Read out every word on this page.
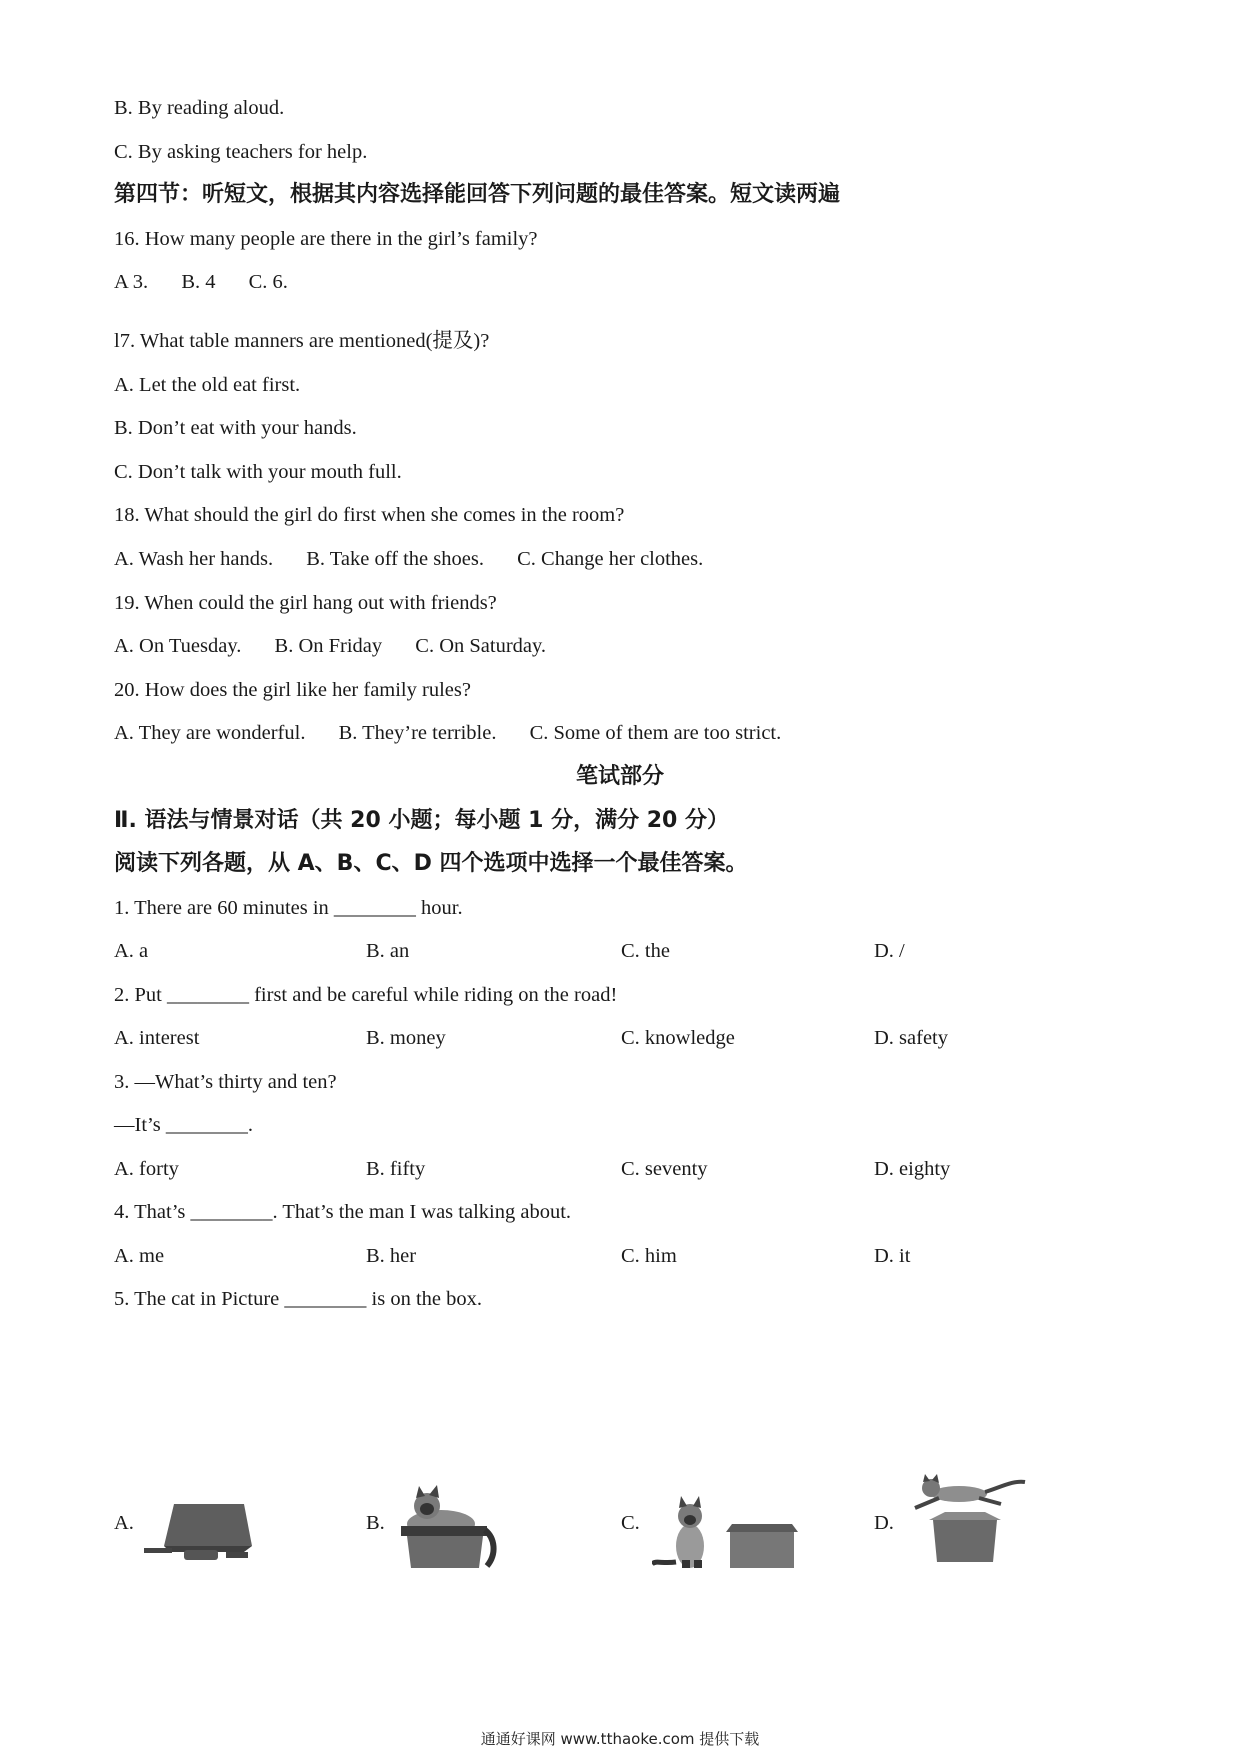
B. By reading aloud.
C. By asking teachers for help.
第四节：听短文，根据其内容选择能回答下列问题的最佳答案。短文读两遍
16. How many people are there in the girl’s family?
A 3. B. 4 C. 6.
l7. What table manners are mentioned(提及)?
A. Let the old eat first.
B. Don’t eat with your hands.
C. Don’t talk with your mouth full.
18. What should the girl do first when she comes in the room?
A. Wash her hands. B. Take off the shoes. C. Change her clothes.
19. When could the girl hang out with friends?
A. On Tuesday. B. On Friday C. On Saturday.
20. How does the girl like her family rules?
A. They are wonderful. B. They’re terrible. C. Some of them are too strict.
笔试部分
Ⅱ. 语法与情景对话（共 20 小题；每小题 1 分，满分 20 分）
阅读下列各题，从 A、B、C、D 四个选项中选择一个最佳答案。
1. There are 60 minutes in ________ hour.
A. a	B. an	C. the	D. /
2. Put ________ first and be careful while riding on the road!
A. interest	B. money	C. knowledge	D. safety
3. —What’s thirty and ten?
—It’s ________.
A. forty	B. fifty	C. seventy	D. eighty
4. That’s ________. That’s the man I was talking about.
A. me	B. her	C. him	D. it
5. The cat in Picture ________ is on the box.
A.	B.	C.	D.
通通好课网 www.tthaoke.com 提供下载
